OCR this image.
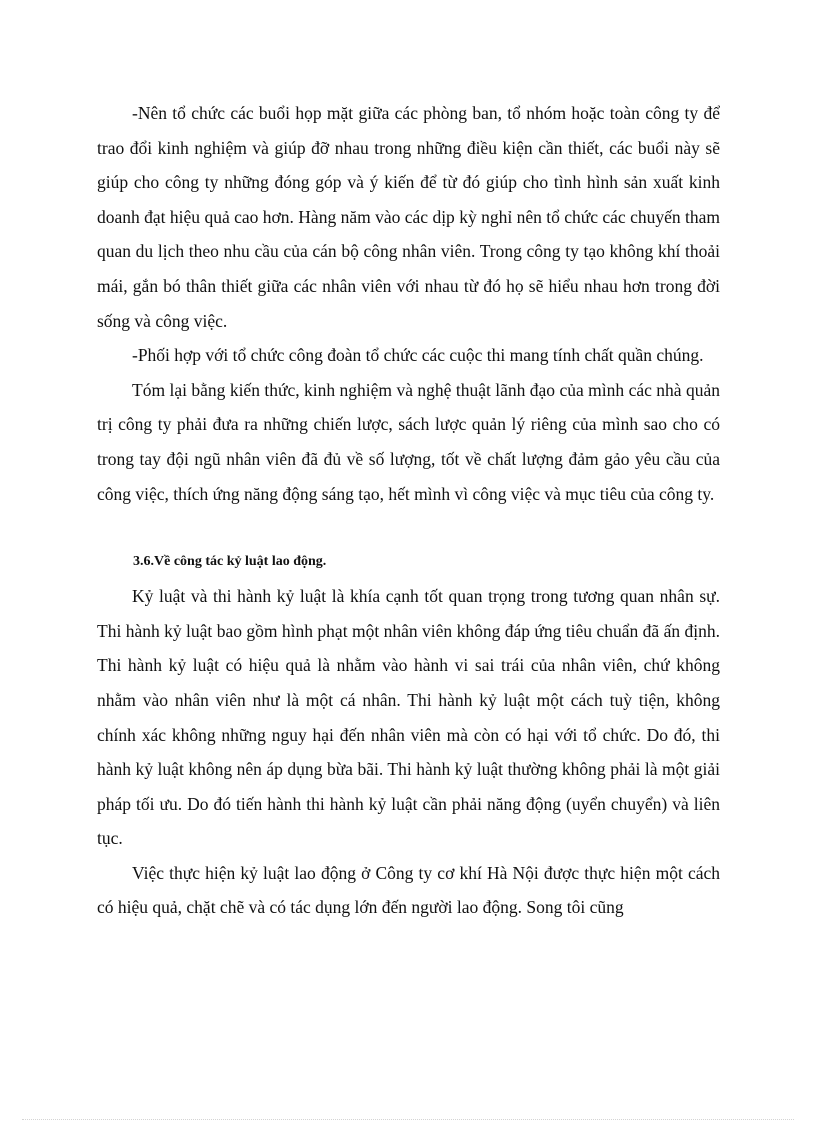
-Nên tổ chức các buổi họp mặt giữa các phòng ban, tổ nhóm hoặc toàn công ty để trao đổi kinh nghiệm và giúp đỡ nhau trong những điều kiện cần thiết, các buổi này sẽ giúp cho công ty những đóng góp và ý kiến để từ đó giúp cho tình hình sản xuất kinh doanh đạt hiệu quả cao hơn. Hàng năm vào các dịp kỳ nghỉ nên tổ chức các chuyến tham quan du lịch theo nhu cầu của cán bộ công nhân viên. Trong công ty tạo không khí thoải mái, gắn bó thân thiết giữa các nhân viên với nhau từ đó họ sẽ hiểu nhau hơn trong đời sống và công việc.

-Phối hợp với tổ chức công đoàn tổ chức các cuộc thi mang tính chất quần chúng.

Tóm lại bằng kiến thức, kinh nghiệm và nghệ thuật lãnh đạo của mình các nhà quản trị công ty phải đưa ra những chiến lược, sách lược quản lý riêng của mình sao cho có trong tay đội ngũ nhân viên đã đủ về số lượng, tốt về chất lượng đảm gảo yêu cầu của công việc, thích ứng năng động sáng tạo, hết mình vì công việc và mục tiêu của công ty.

3.6.Về công tác kỷ luật lao động.

Kỷ luật và thi hành kỷ luật là khía cạnh tốt quan trọng trong tương quan nhân sự. Thi hành kỷ luật bao gồm hình phạt một nhân viên không đáp ứng tiêu chuẩn đã ấn định. Thi hành kỷ luật có hiệu quả là nhằm vào hành vi sai trái của nhân viên, chứ không nhằm vào nhân viên như là một cá nhân. Thi hành kỷ luật một cách tuỳ tiện, không chính xác không những nguy hại đến nhân viên mà còn có hại với tổ chức. Do đó, thi hành kỷ luật không nên áp dụng bừa bãi. Thi hành kỷ luật thường không phải là một giải pháp tối ưu. Do đó tiến hành thi hành kỷ luật cần phải năng động (uyển chuyển) và liên tục.

Việc thực hiện kỷ luật lao động ở Công ty cơ khí Hà Nội được thực hiện một cách có hiệu quả, chặt chẽ và có tác dụng lớn đến người lao động. Song tôi cũng
